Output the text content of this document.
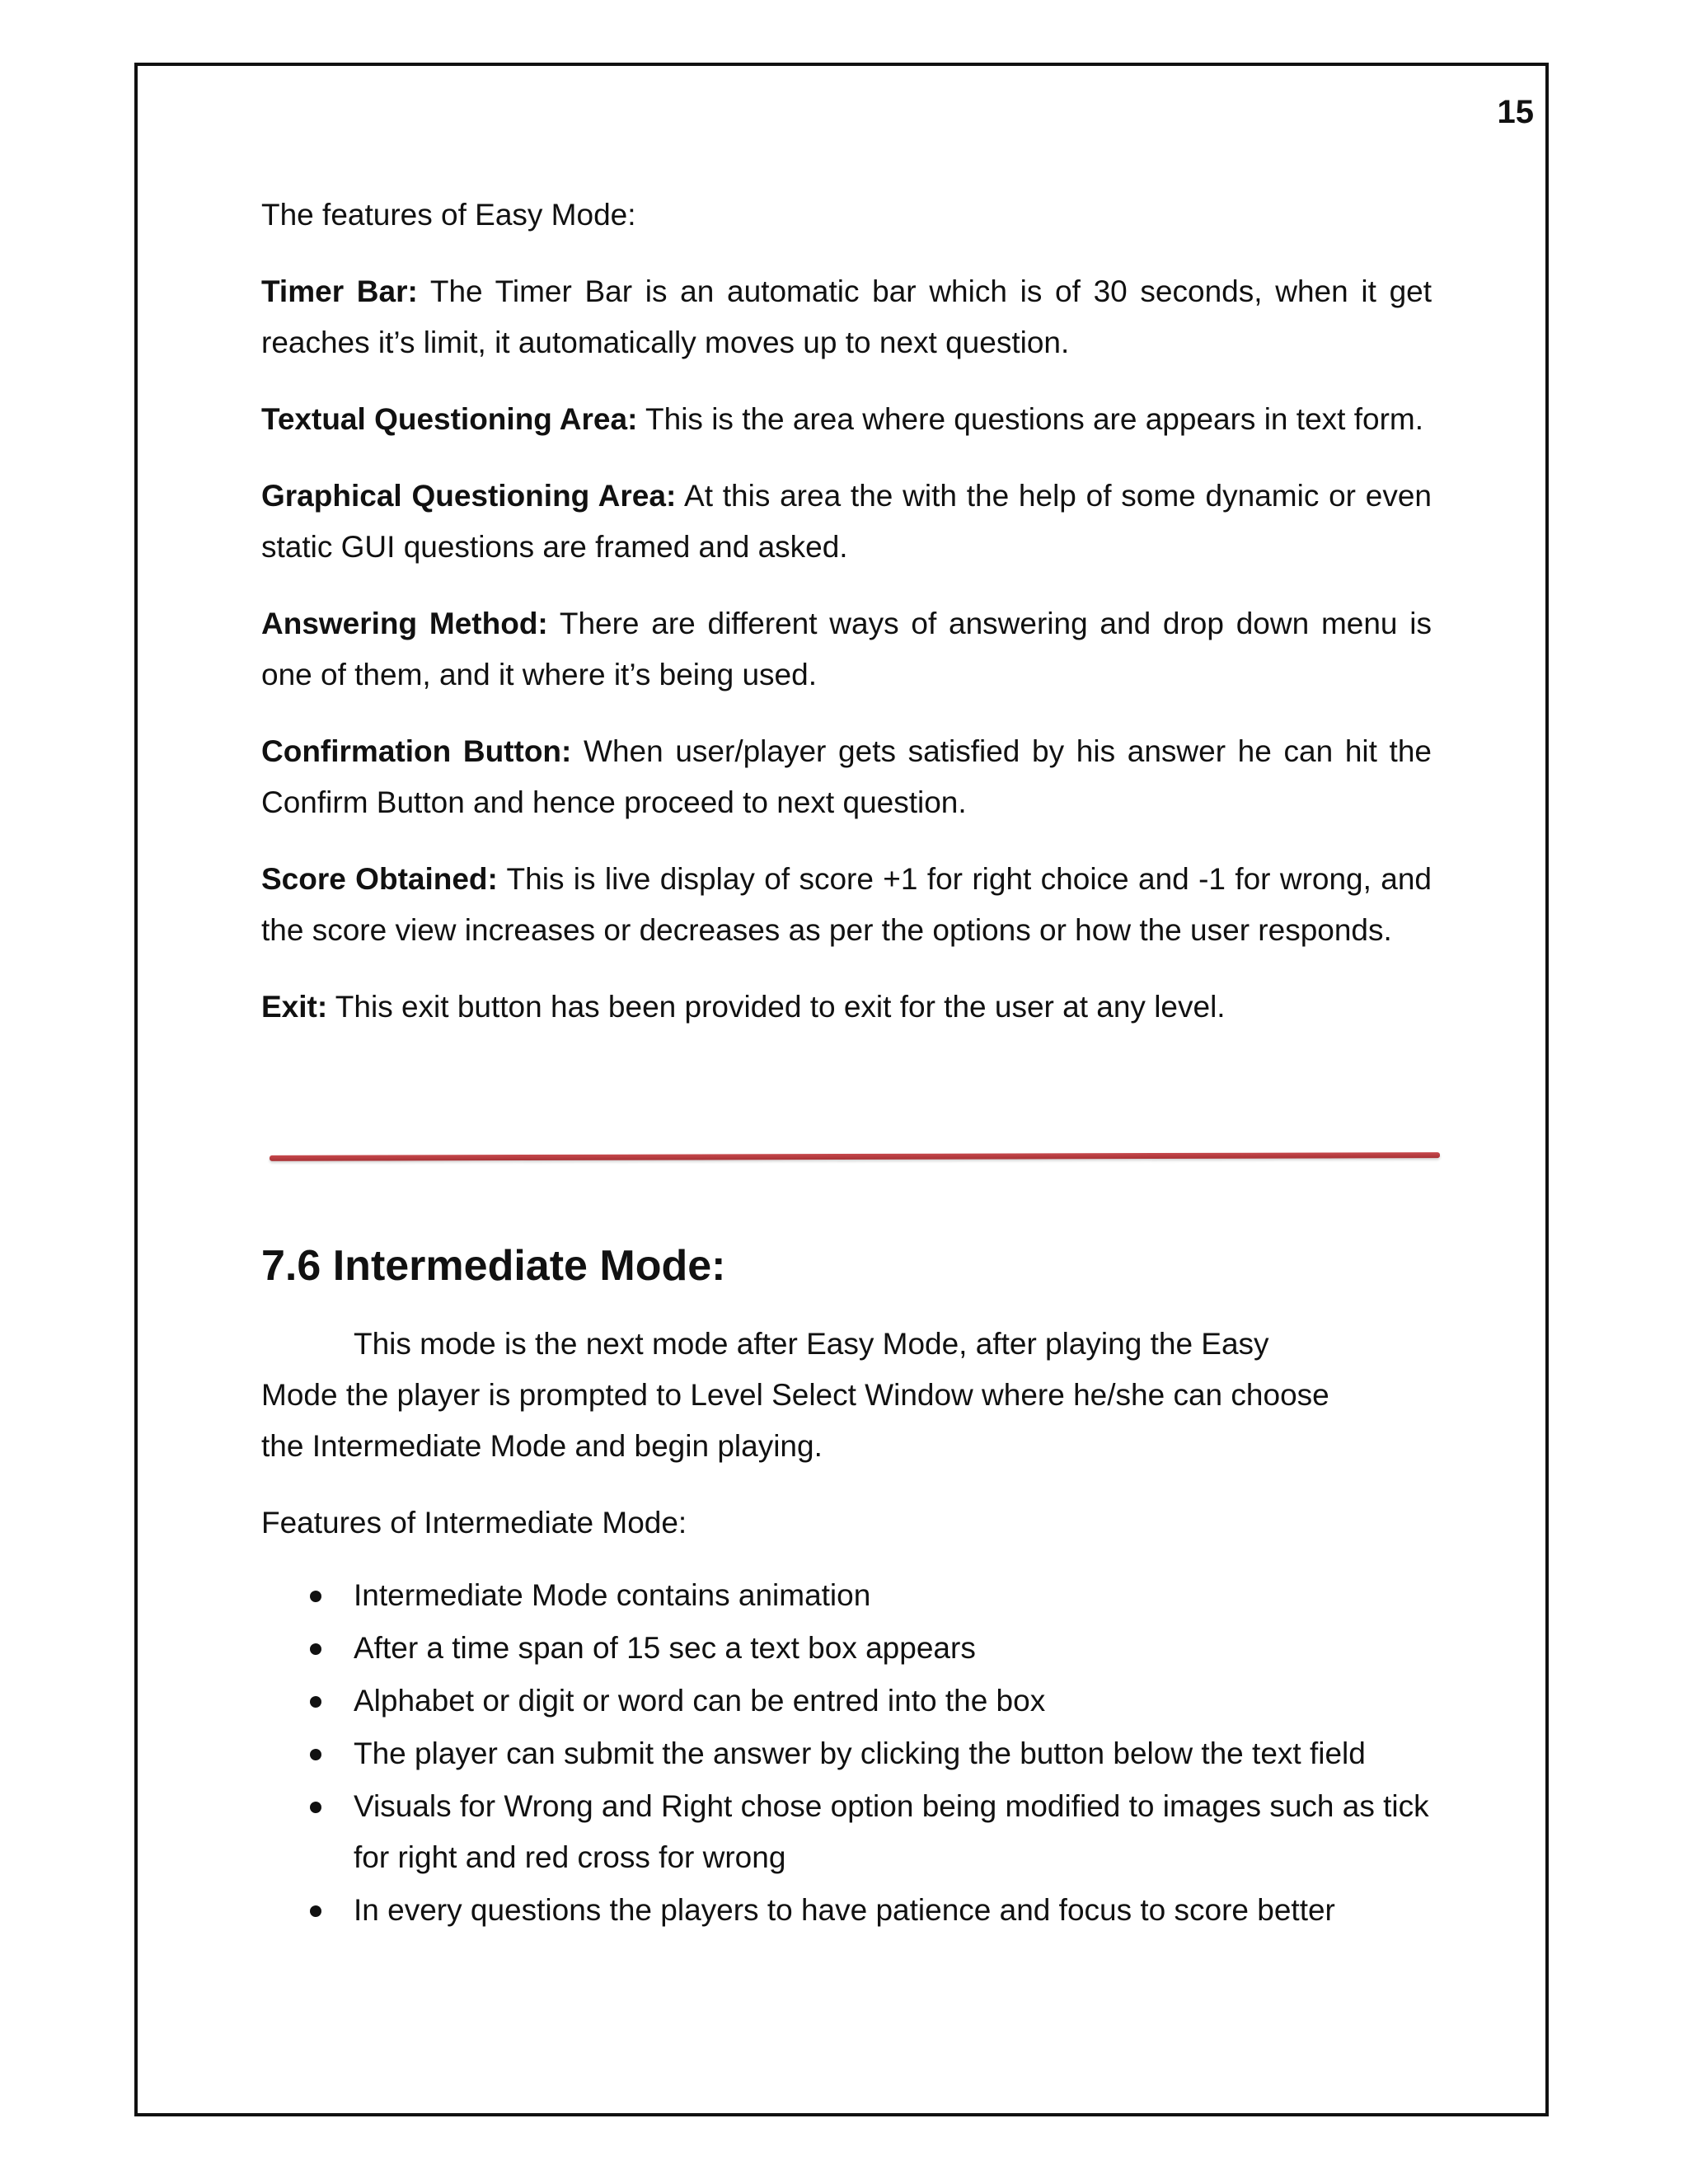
15

The features of Easy Mode:

Timer Bar: The Timer Bar is an automatic bar which is of 30 seconds, when it get reaches it’s limit, it automatically moves up to next question.

Textual Questioning Area: This is the area where questions are appears in text form.

Graphical Questioning Area: At this area the with the help of some dynamic or even static GUI questions are framed and asked.

Answering Method: There are different ways of answering and drop down menu is one of them, and it where it’s being used.

Confirmation Button: When user/player gets satisfied by his answer he can hit the Confirm Button and hence proceed to next question.

Score Obtained: This is live display of score +1 for right choice and -1 for wrong, and the score view increases or decreases as per the options or how the user responds.

Exit: This exit button has been provided to exit for the user at any level.

7.6 Intermediate Mode:

This mode is the next mode after Easy Mode, after playing the Easy Mode the player is prompted to Level Select Window where he/she can choose the Intermediate Mode and begin playing.

Features of Intermediate Mode:

Intermediate Mode contains animation
After a time span of 15 sec a text box appears
Alphabet or digit or word can be entred into the box
The player can submit the answer by clicking the button below the text field
Visuals for Wrong and Right chose option being modified to images such as tick for right and red cross for wrong
In every questions the players to have patience and focus to score better
